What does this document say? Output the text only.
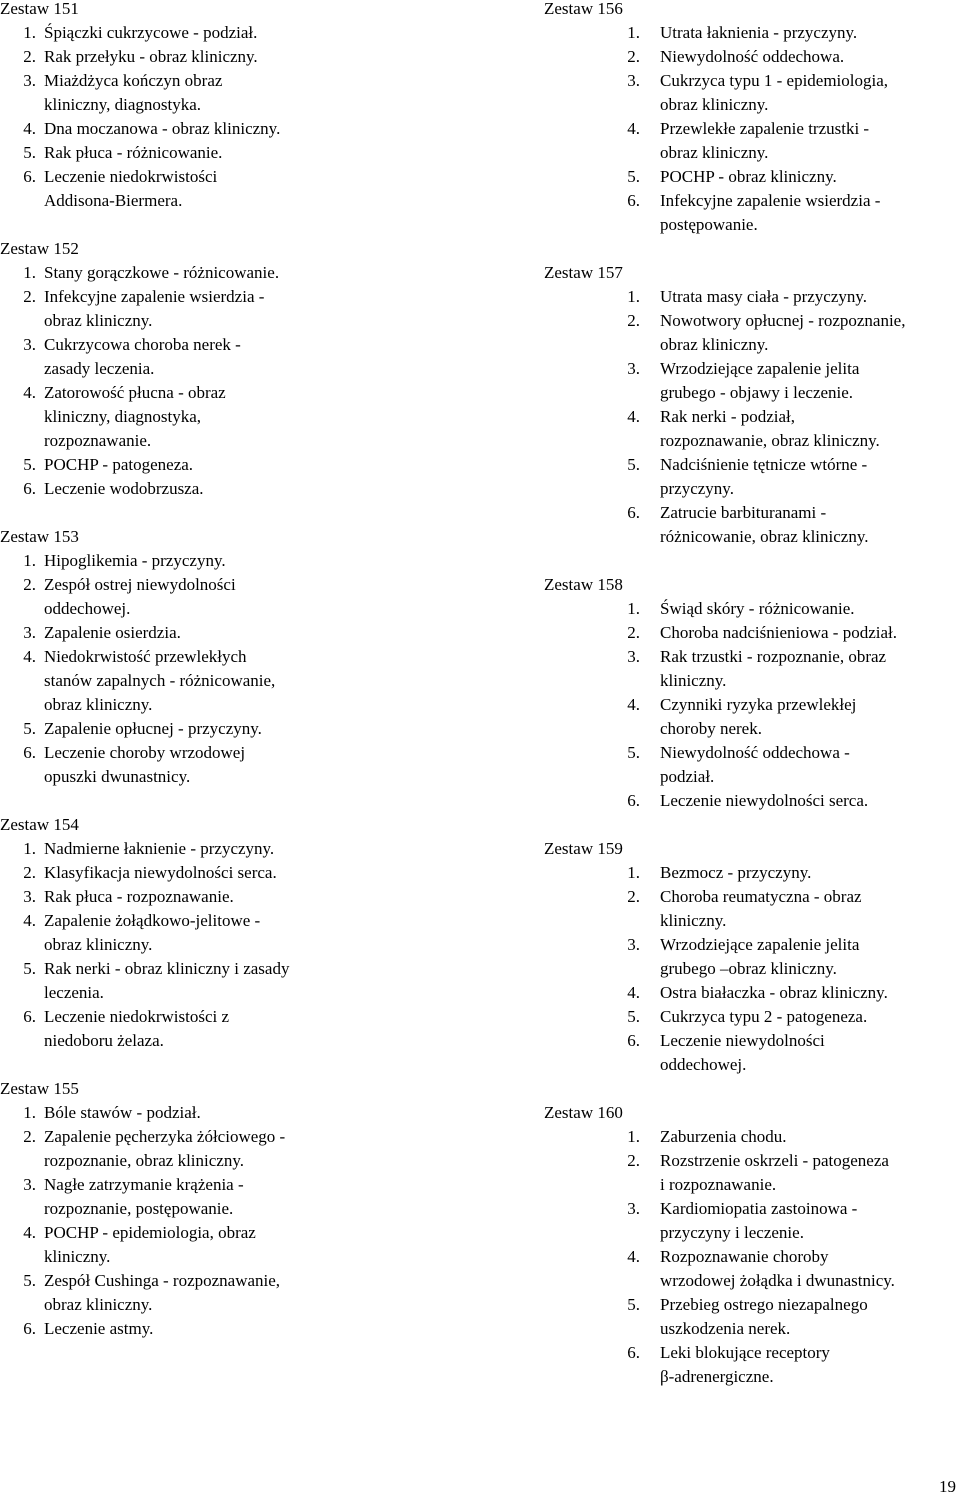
Zestaw 151
1. Śpiączki cukrzycowe - podział.
2. Rak przełyku - obraz kliniczny.
3. Miażdżyca kończyn obraz
kliniczny, diagnostyka.
4. Dna moczanowa - obraz kliniczny.
5. Rak płuca - różnicowanie.
6. Leczenie niedokrwistości
Addisona-Biermera.
Zestaw 152
1. Stany gorączkowe - różnicowanie.
2. Infekcyjne zapalenie wsierdzia -
obraz kliniczny.
3. Cukrzycowa choroba nerek -
zasady leczenia.
4. Zatorowość płucna - obraz
kliniczny, diagnostyka,
rozpoznawanie.
5. POCHP - patogeneza.
6. Leczenie wodobrzusza.
Zestaw 153
1. Hipoglikemia - przyczyny.
2. Zespół ostrej niewydolności
oddechowej.
3. Zapalenie osierdzia.
4. Niedokrwistość przewlekłych
stanów zapalnych - różnicowanie,
obraz kliniczny.
5. Zapalenie opłucnej - przyczyny.
6. Leczenie choroby wrzodowej
opuszki dwunastnicy.
Zestaw 154
1. Nadmierne łaknienie - przyczyny.
2. Klasyfikacja niewydolności serca.
3. Rak płuca - rozpoznawanie.
4. Zapalenie żołądkowo-jelitowe -
obraz kliniczny.
5. Rak nerki - obraz kliniczny i zasady
leczenia.
6. Leczenie niedokrwistości z
niedoboru żelaza.
Zestaw 155
1. Bóle stawów - podział.
2. Zapalenie pęcherzyka żółciowego -
rozpoznanie, obraz kliniczny.
3. Nagłe zatrzymanie krążenia -
rozpoznanie, postępowanie.
4. POCHP - epidemiologia, obraz
kliniczny.
5. Zespół Cushinga - rozpoznawanie,
obraz kliniczny.
6. Leczenie astmy.
Zestaw 156
1. Utrata łaknienia - przyczyny.
2. Niewydolność oddechowa.
3. Cukrzyca typu 1 - epidemiologia,
obraz kliniczny.
4. Przewlekłe zapalenie trzustki -
obraz kliniczny.
5. POCHP - obraz kliniczny.
6. Infekcyjne zapalenie wsierdzia -
postępowanie.
Zestaw 157
1. Utrata masy ciała - przyczyny.
2. Nowotwory opłucnej - rozpoznanie,
obraz kliniczny.
3. Wrzodziejące zapalenie jelita
grubego - objawy i leczenie.
4. Rak nerki - podział,
rozpoznawanie, obraz kliniczny.
5. Nadciśnienie tętnicze wtórne -
przyczyny.
6. Zatrucie barbituranami -
różnicowanie, obraz kliniczny.
Zestaw 158
1. Świąd skóry - różnicowanie.
2. Choroba nadciśnieniowa - podział.
3. Rak trzustki - rozpoznanie, obraz
kliniczny.
4. Czynniki ryzyka przewlekłej
choroby nerek.
5. Niewydolność oddechowa -
podział.
6. Leczenie niewydolności serca.
Zestaw 159
1. Bezmocz - przyczyny.
2. Choroba reumatyczna - obraz
kliniczny.
3. Wrzodziejące zapalenie jelita
grubego –obraz kliniczny.
4. Ostra białaczka - obraz kliniczny.
5. Cukrzyca typu 2 - patogeneza.
6. Leczenie niewydolności
oddechowej.
Zestaw 160
1. Zaburzenia chodu.
2. Rozstrzenie oskrzeli - patogeneza
i rozpoznawanie.
3. Kardiomiopatia zastoinowa -
przyczyny i leczenie.
4. Rozpoznawanie choroby
wrzodowej żołądka i dwunastnicy.
5. Przebieg ostrego niezapalnego
uszkodzenia nerek.
6. Leki blokujące receptory
β-adrenergiczne.
19
